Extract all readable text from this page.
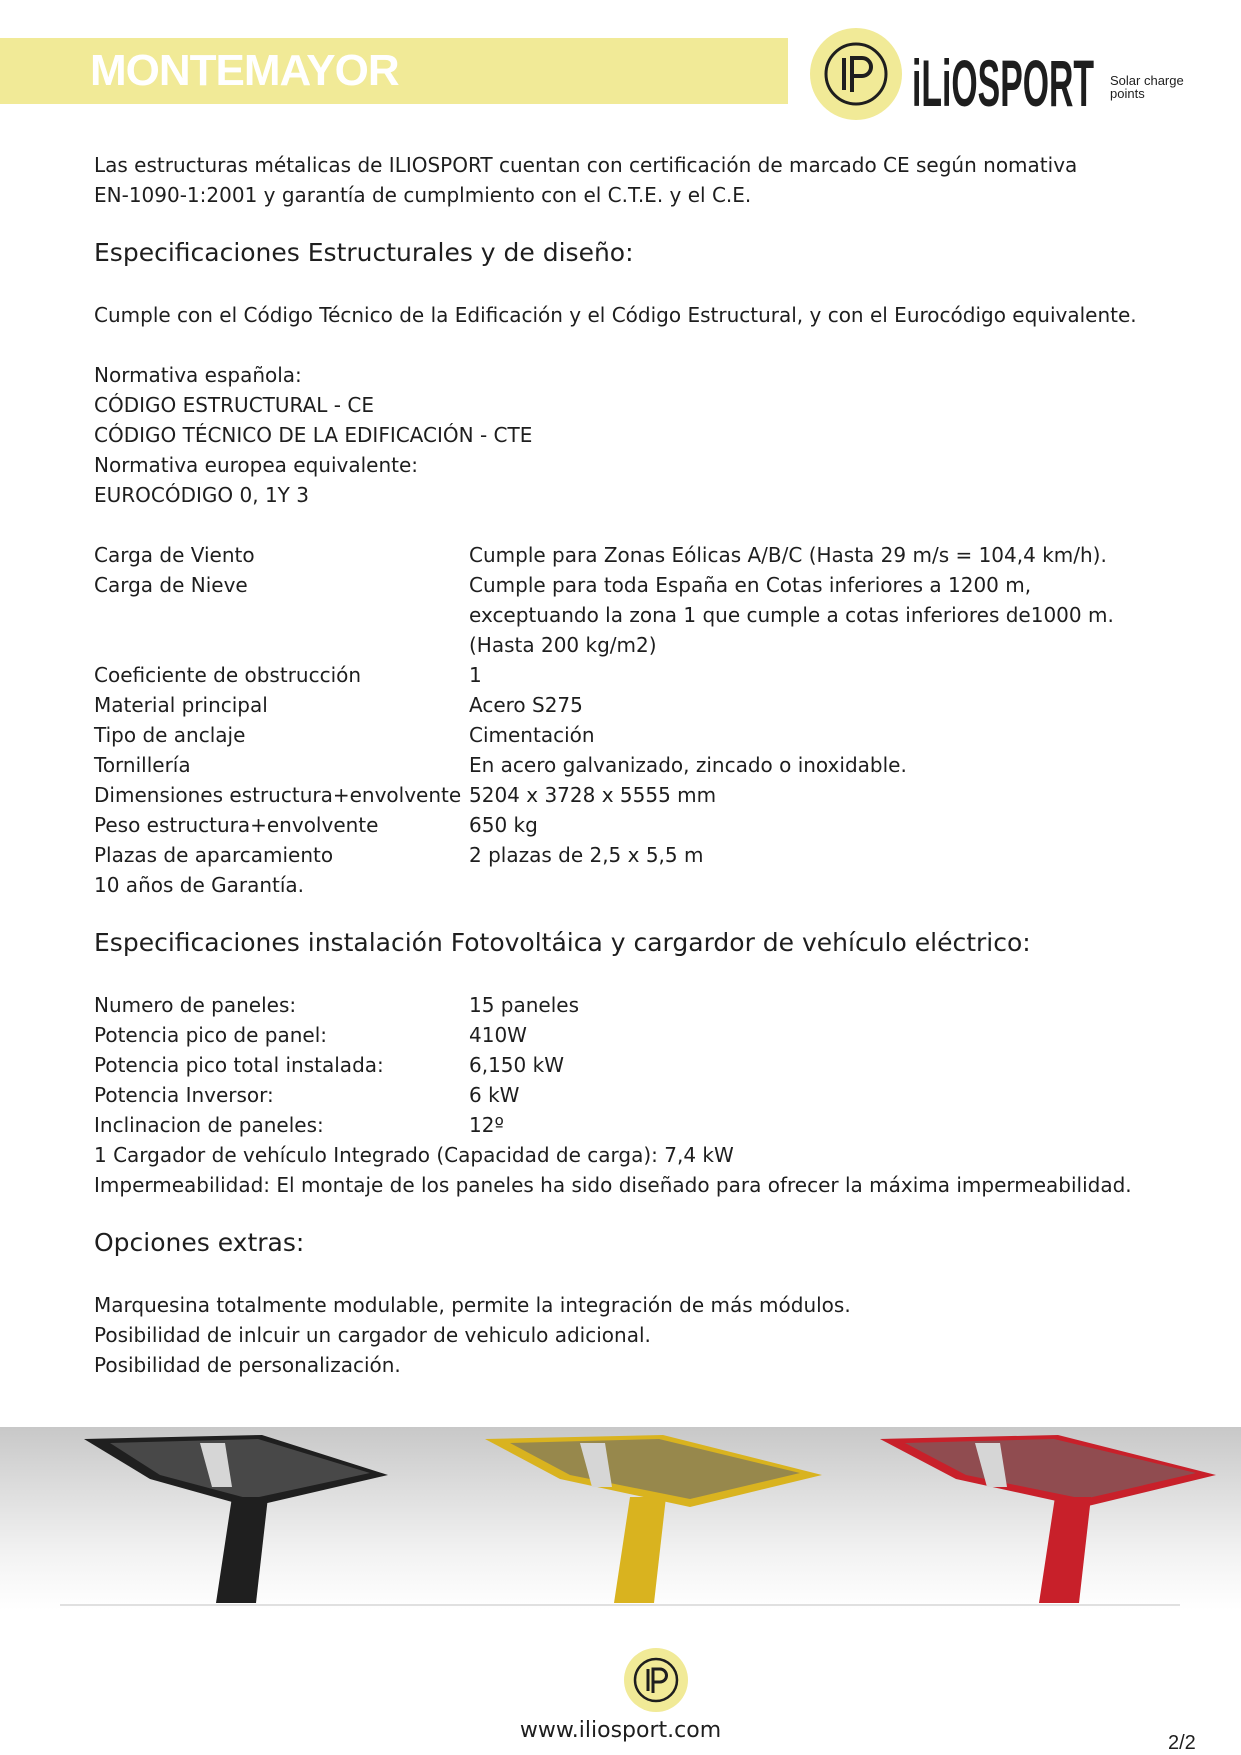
MONTEMAYOR	iLiOSPORT Solar charge
points

Las estructuras métalicas de ILIOSPORT cuentan con certificación de marcado CE según nomativa

EN-1090-1:2001 y garantía de cumplmiento con el C.T.E. y el C.E.

Especificaciones Estructurales y de diseño:

Cumple con el Código Técnico de la Edificación y el Código Estructural, y con el Eurocódigo equivalente.

Normativa española:

CÓDIGO ESTRUCTURAL - CE

CÓDIGO TÉCNICO DE LA EDIFICACIÓN - CTE

Normativa europea equivalente:

EUROCÓDIGO 0, 1Y 3

Carga de Viento	Cumple para Zonas Eólicas A/B/C (Hasta 29 m/s = 104,4 km/h).
Carga de Nieve	Cumple para toda España en Cotas inferiores a 1200 m,
exceptuando la zona 1 que cumple a cotas inferiores de1000 m.
(Hasta 200 kg/m2)
Coeficiente de obstrucción	1
Material principal	Acero S275
Tipo de anclaje	Cimentación
Tornillería	En acero galvanizado, zincado o inoxidable.
Dimensiones estructura+envolvente 5204 x 3728 x 5555 mm
Peso estructura+envolvente	650 kg
Plazas de aparcamiento	2 plazas de 2,5 x 5,5 m

10 años de Garantía.

Especificaciones instalación Fotovoltáica y cargardor de vehículo eléctrico:

Numero de paneles:	15 paneles
Potencia pico de panel:	410W
Potencia pico total instalada:	6,150 kW
Potencia Inversor:	6 kW
Inclinacion de paneles:	12º

1 Cargador de vehículo Integrado (Capacidad de carga): 7,4 kW

Impermeabilidad: El montaje de los paneles ha sido diseñado para ofrecer la máxima impermeabilidad.

Opciones extras:

Marquesina totalmente modulable, permite la integración de más módulos.

Posibilidad de inlcuir un cargador de vehiculo adicional.

Posibilidad de personalización.

www.iliosport.com	2/2
